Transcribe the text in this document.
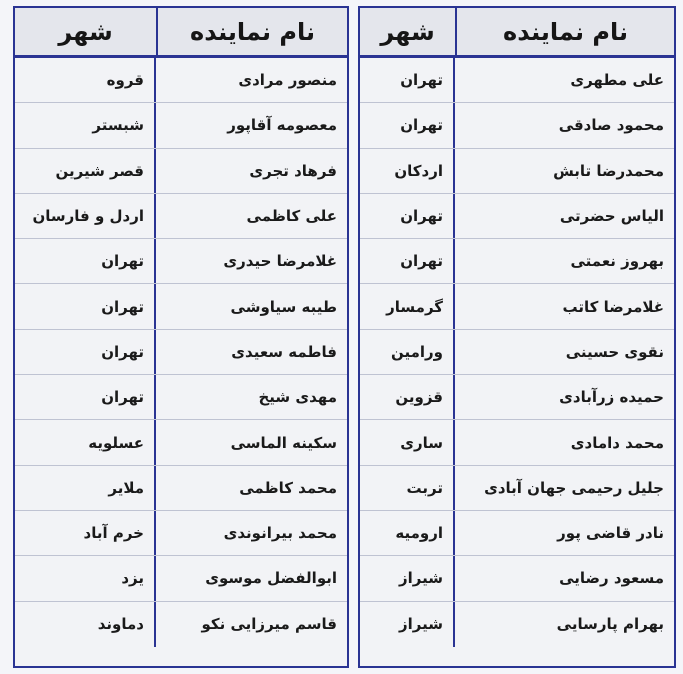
نام نماینده
شهر
علی مطهری
تهران
محمود صادقی
تهران
محمدرضا تابش
اردکان
الیاس حضرتی
تهران
بهروز نعمتی
تهران
غلامرضا کاتب
گرمسار
نقوی حسینی
ورامین
حمیده زرآبادی
قزوین
محمد دامادی
ساری
جلیل رحیمی جهان آبادی
تربت
نادر قاضی پور
ارومیه
مسعود رضایی
شیراز
بهرام پارسایی
شیراز
نام نماینده
شهر
منصور مرادی
قروه
معصومه آقاپور
شبستر
فرهاد تجری
قصر شیرین
علی کاظمی
اردل و فارسان
غلامرضا حیدری
تهران
طیبه سیاوشی
تهران
فاطمه سعیدی
تهران
مهدی شیخ
تهران
سکینه الماسی
عسلویه
محمد کاظمی
ملایر
محمد بیرانوندی
خرم آباد
ابوالفضل موسوی
یزد
قاسم میرزایی نکو
دماوند
